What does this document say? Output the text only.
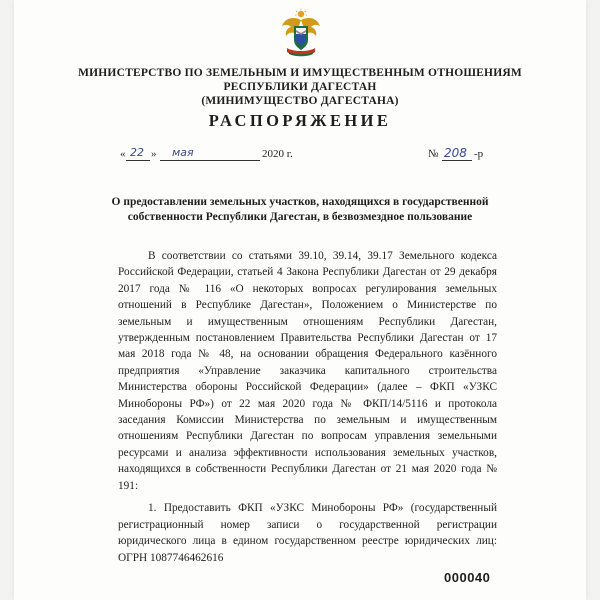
МИНИСТЕРСТВО ПО ЗЕМЕЛЬНЫМ И ИМУЩЕСТВЕННЫМ ОТНОШЕНИЯМ
РЕСПУБЛИКИ ДАГЕСТАН
(МИНИМУЩЕСТВО ДАГЕСТАНА)
РАСПОРЯЖЕНИЕ
« 22 » мая	2020 г.	№ 208 -р
О предоставлении земельных участков, находящихся в государственной собственности Республики Дагестан, в безвозмездное пользование
В соответствии со статьями 39.10, 39.14, 39.17 Земельного кодекса Российской Федерации, статьей 4 Закона Республики Дагестан от 29 декабря 2017 года № 116 «О некоторых вопросах регулирования земельных отношений в Республике Дагестан», Положением о Министерстве по земельным и имущественным отношениям Республики Дагестан, утвержденным постановлением Правительства Республики Дагестан от 17 мая 2018 года № 48, на основании обращения Федерального казённого предприятия «Управление заказчика капитального строительства Министерства обороны Российской Федерации» (далее – ФКП «УЗКС Минобороны РФ») от 22 мая 2020 года № ФКП/14/5116 и протокола заседания Комиссии Министерства по земельным и имущественным отношениям Республики Дагестан по вопросам управления земельными ресурсами и анализа эффективности использования земельных участков, находящихся в собственности Республики Дагестан от 21 мая 2020 года № 191:
1. Предоставить ФКП «УЗКС Минобороны РФ» (государственный регистрационный номер записи о государственной регистрации юридического лица в едином государственном реестре юридических лиц: ОГРН 1087746462616
000040
